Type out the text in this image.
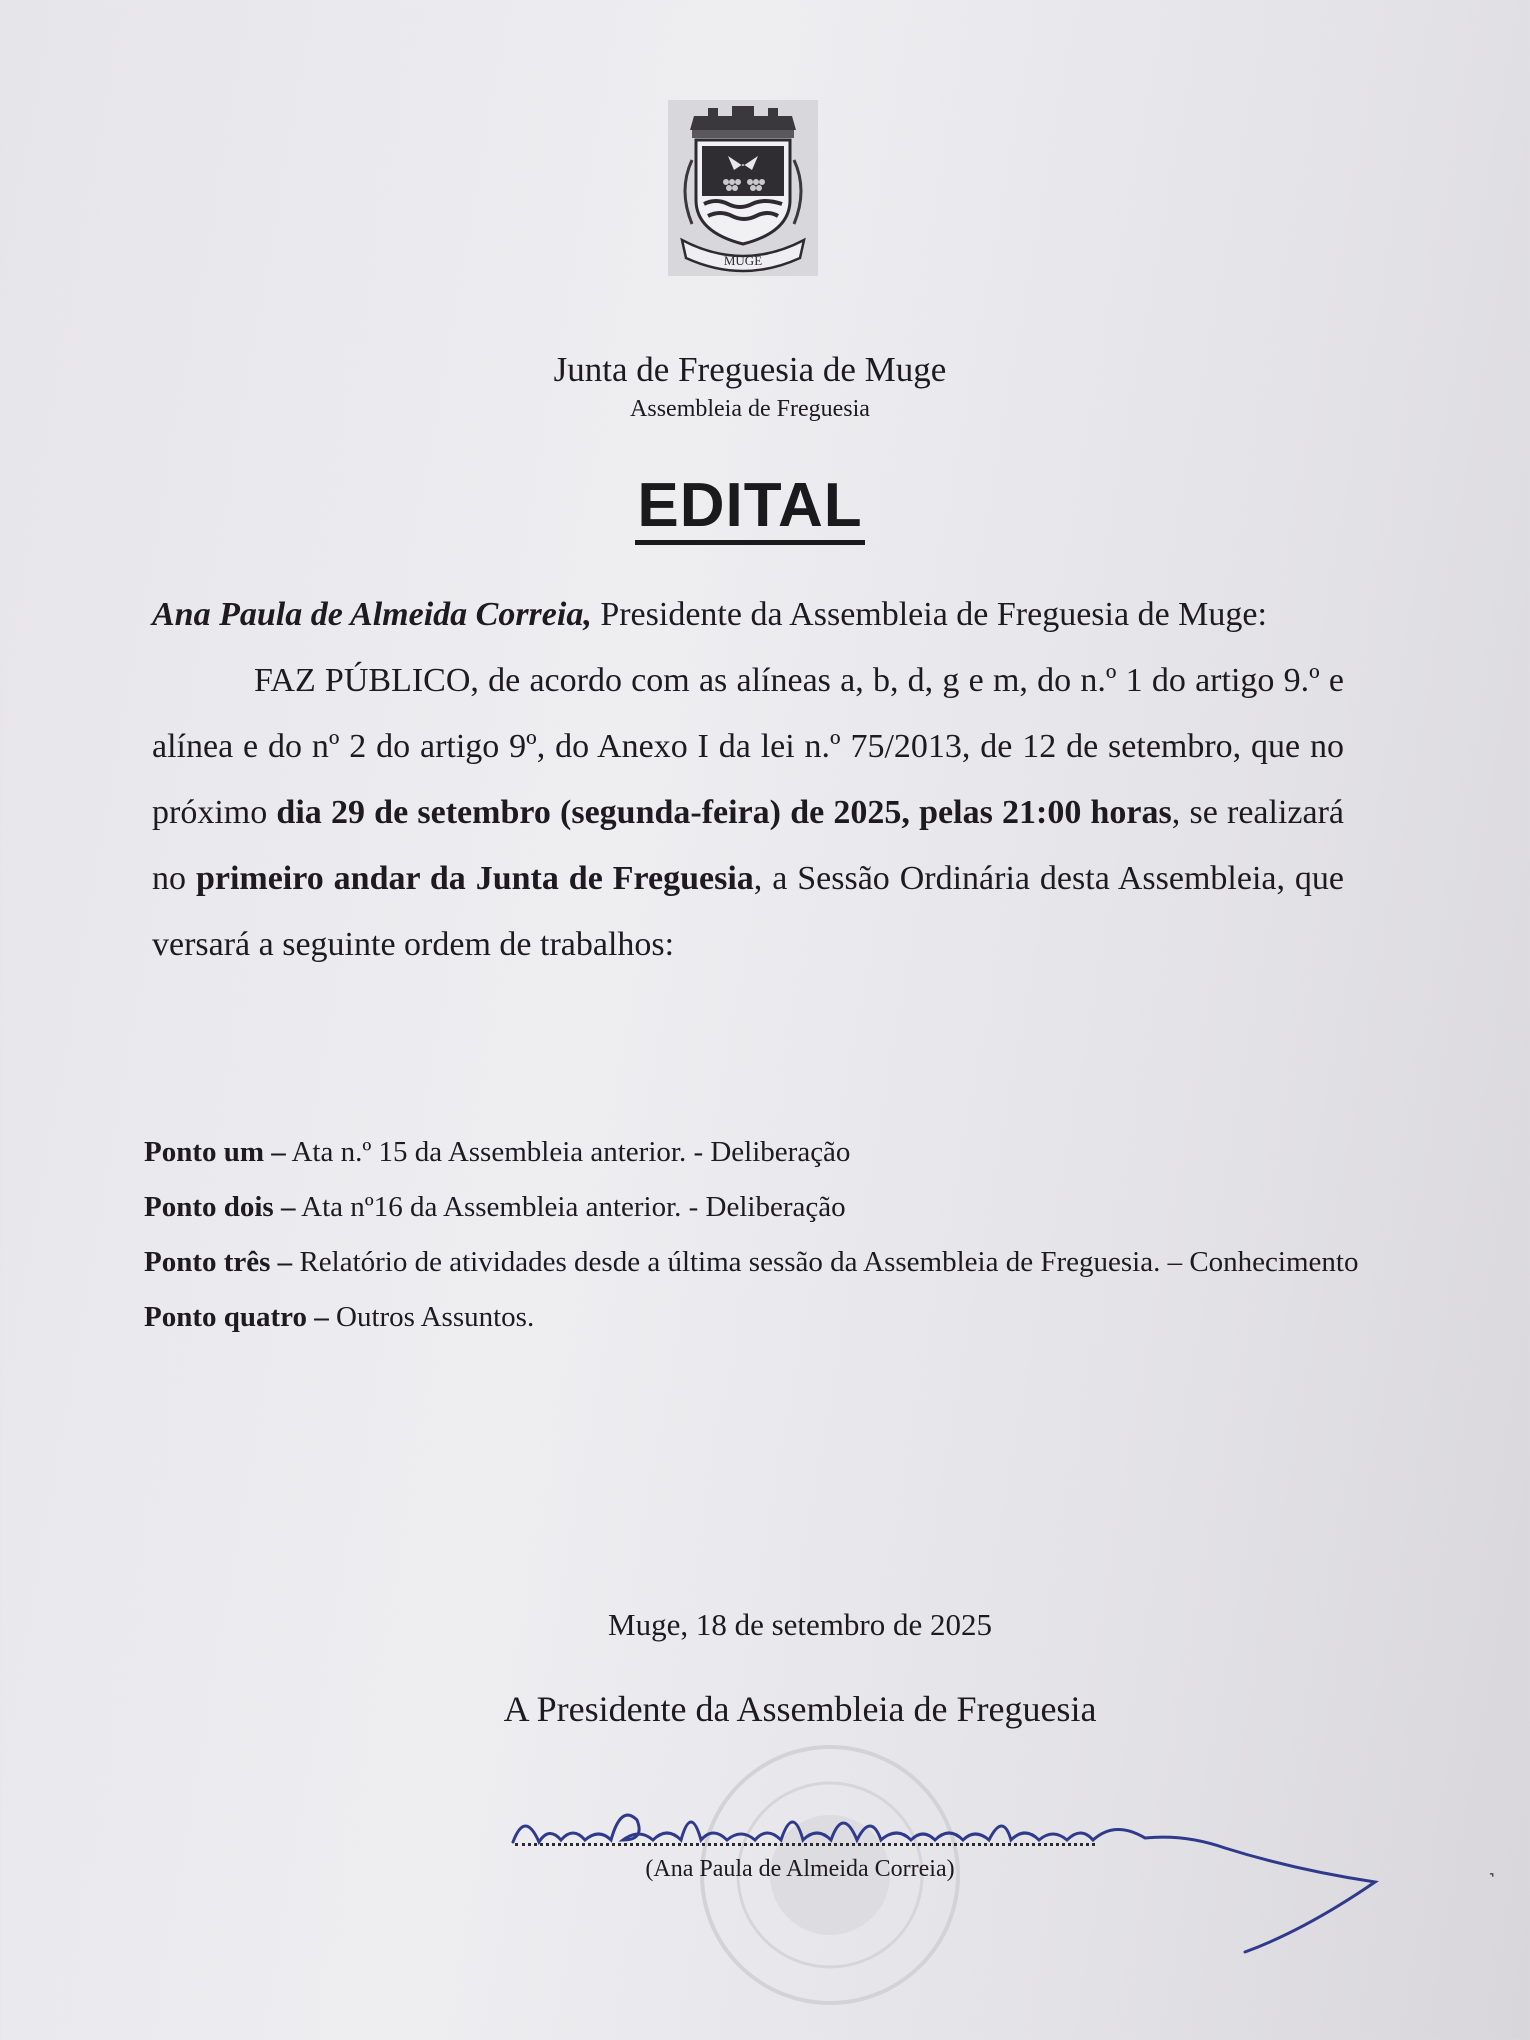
MUGE
Junta de Freguesia de Muge
Assembleia de Freguesia
EDITAL

Ana Paula de Almeida Correia, Presidente da Assembleia de Freguesia de Muge:

FAZ PÚBLICO, de acordo com as alíneas a, b, d, g e m, do n.º 1 do artigo 9.º e alínea e do nº 2 do artigo 9º, do Anexo I da lei n.º 75/2013, de 12 de setembro, que no próximo dia 29 de setembro (segunda-feira) de 2025, pelas 21:00 horas, se realizará no primeiro andar da Junta de Freguesia, a Sessão Ordinária desta Assembleia, que versará a seguinte ordem de trabalhos:

Ponto um – Ata n.º 15 da Assembleia anterior. - Deliberação
Ponto dois – Ata nº16 da Assembleia anterior. - Deliberação
Ponto três – Relatório de atividades desde a última sessão da Assembleia de Freguesia. – Conhecimento
Ponto quatro – Outros Assuntos.
Muge, 18 de setembro de 2025
A Presidente da Assembleia de Freguesia
(Ana Paula de Almeida Correia)	˺
